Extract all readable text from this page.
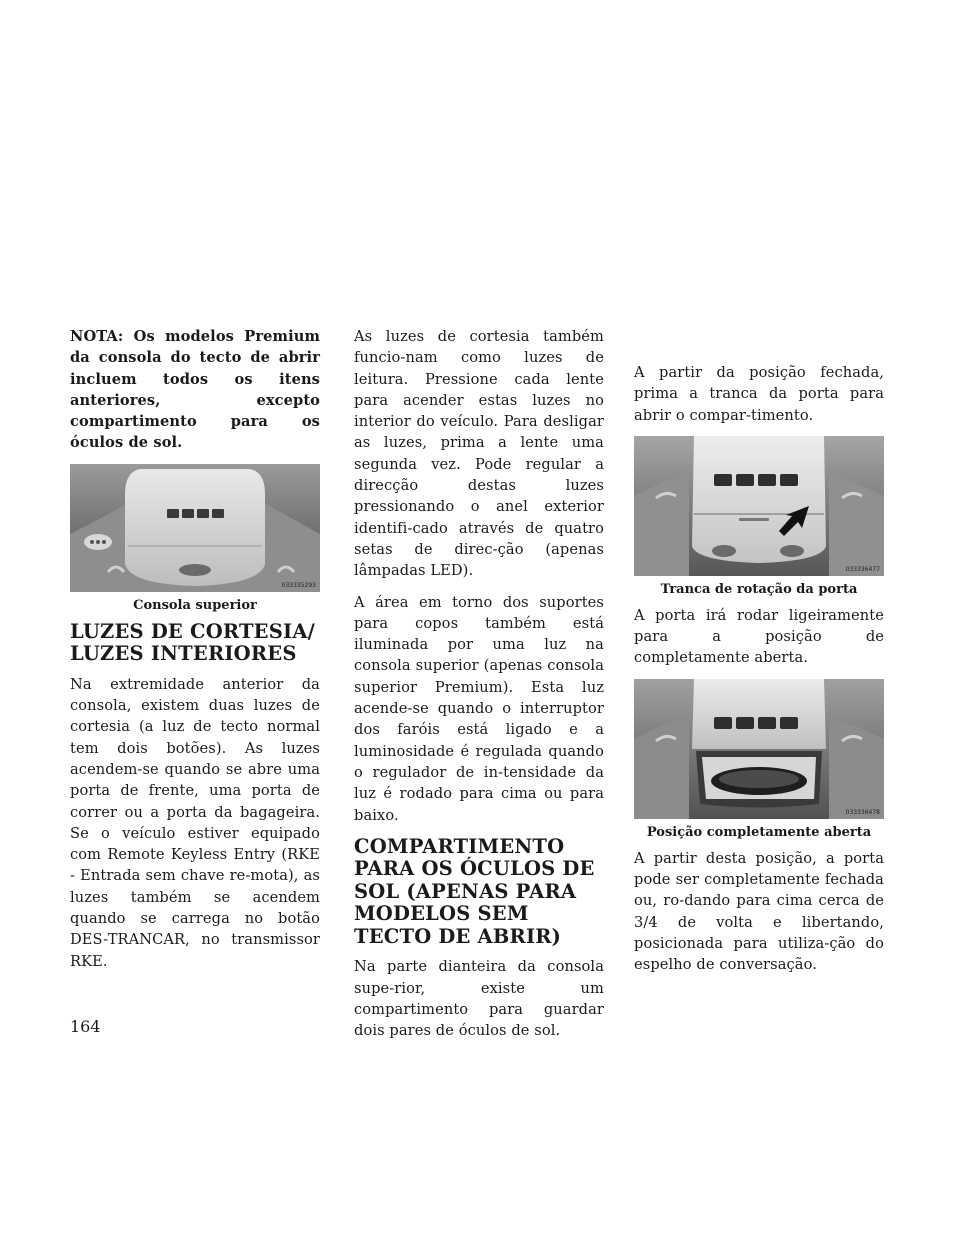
NOTA: Os modelos Premium da consola do tecto de abrir incluem todos os itens anteriores, excepto compartimento para os óculos de sol.

033335293
Consola superior
LUZES DE CORTESIA/ LUZES INTERIORES

Na extremidade anterior da consola, existem duas luzes de cortesia (a luz de tecto normal tem dois botões). As luzes acendem-se quando se abre uma porta de frente, uma porta de correr ou a porta da bagageira. Se o veículo estiver equipado com Remote Keyless Entry (RKE - Entrada sem chave re-mota), as luzes também se acendem quando se carrega no botão DES-TRANCAR, no transmissor RKE.

As luzes de cortesia também funcio-nam como luzes de leitura. Pressione cada lente para acender estas luzes no interior do veículo. Para desligar as luzes, prima a lente uma segunda vez. Pode regular a direcção destas luzes pressionando o anel exterior identifi-cado através de quatro setas de direc-ção (apenas lâmpadas LED).

A área em torno dos suportes para copos também está iluminada por uma luz na consola superior (apenas consola superior Premium). Esta luz acende-se quando o interruptor dos faróis está ligado e a luminosidade é regulada quando o regulador de in-tensidade da luz é rodado para cima ou para baixo.

COMPARTIMENTO PARA OS ÓCULOS DE SOL (APENAS PARA MODELOS SEM TECTO DE ABRIR)

Na parte dianteira da consola supe-rior, existe um compartimento para guardar dois pares de óculos de sol.

A partir da posição fechada, prima a tranca da porta para abrir o compar-timento.

033336477
Tranca de rotação da porta

A porta irá rodar ligeiramente para a posição de completamente aberta.

033336478
Posição completamente aberta

A partir desta posição, a porta pode ser completamente fechada ou, ro-dando para cima cerca de 3/4 de volta e libertando, posicionada para utiliza-ção do espelho de conversação.

164
